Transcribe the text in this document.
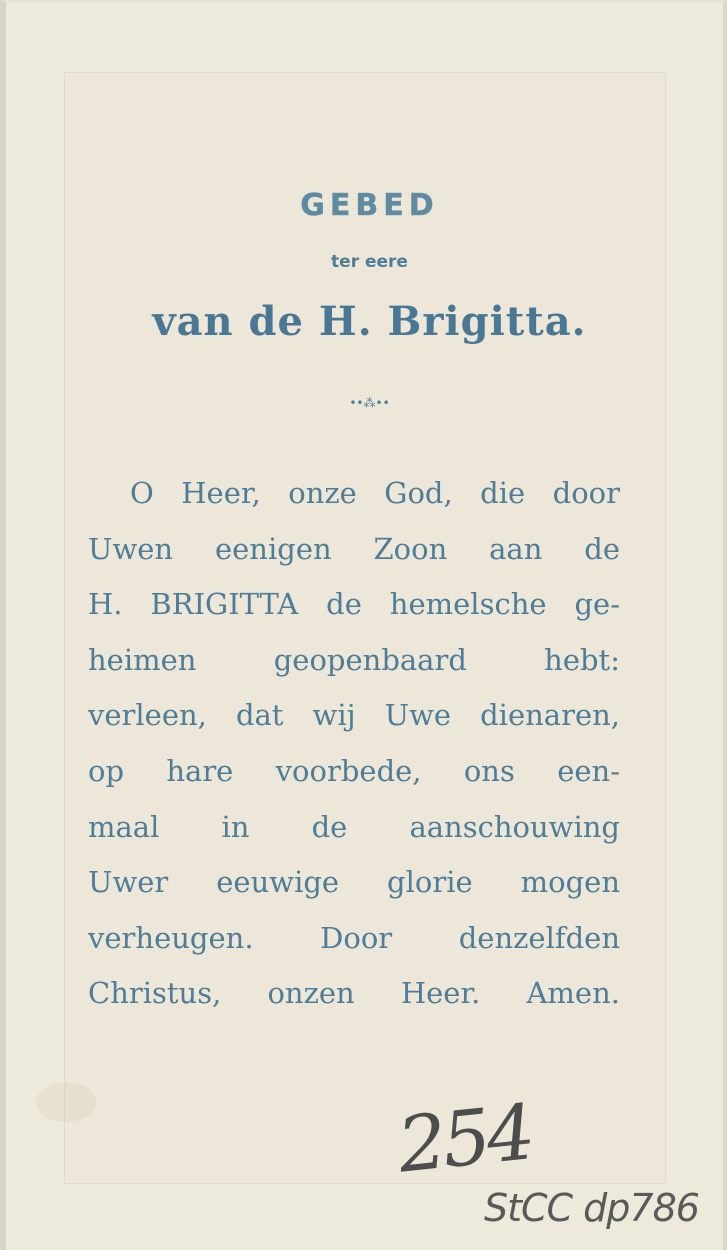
GEBED
ter eere
van de H. Brigitta.
••⁂••
O Heer, onze God, die door
Uwen eenigen Zoon aan de
H. BRIGITTA de hemelsche ge-
heimen geopenbaard hebt:
verleen, dat wij Uwe dienaren,
op hare voorbede, ons een-
maal in de aanschouwing
Uwer eeuwige glorie mogen
verheugen. Door denzelfden
Christus, onzen Heer. Amen.
254
StCC dp786
